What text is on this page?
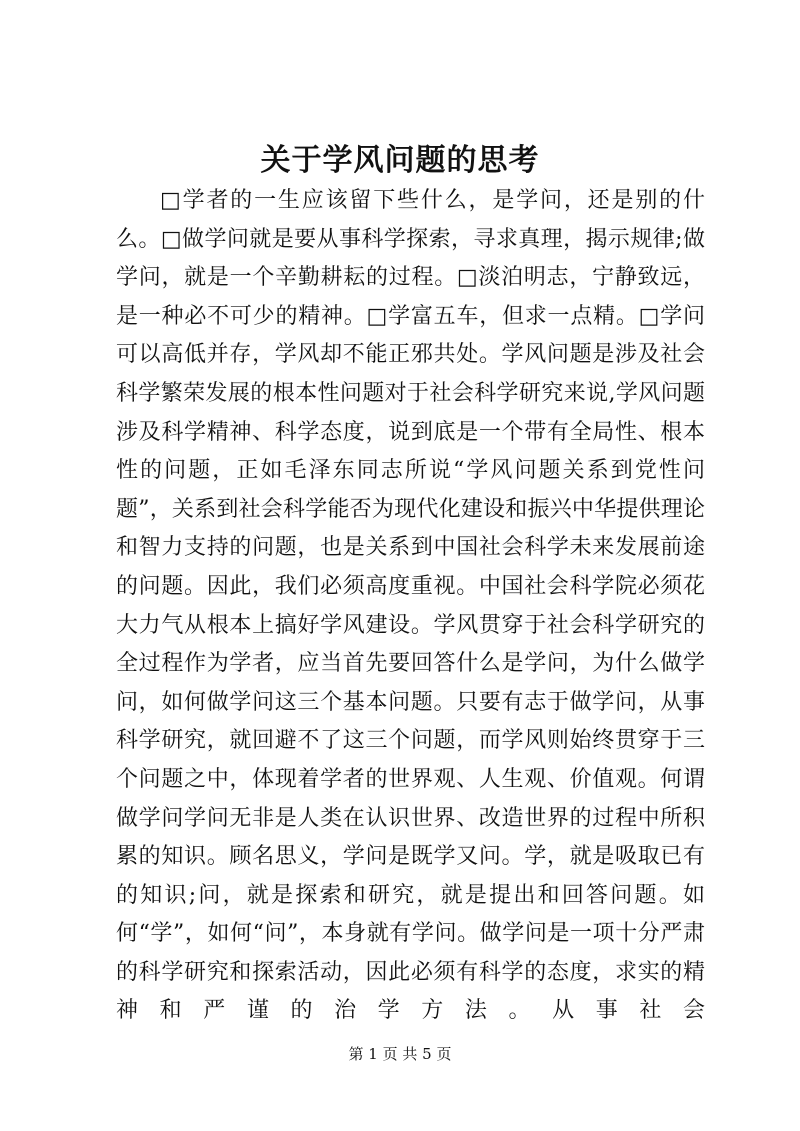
关于学风问题的思考

□学者的一生应该留下些什么，是学问，还是别的什么。□做学问就是要从事科学探索，寻求真理，揭示规律;做学问，就是一个辛勤耕耘的过程。□淡泊明志，宁静致远，是一种必不可少的精神。□学富五车，但求一点精。□学问可以高低并存，学风却不能正邪共处。学风问题是涉及社会科学繁荣发展的根本性问题对于社会科学研究来说,学风问题涉及科学精神、科学态度，说到底是一个带有全局性、根本性的问题，正如毛泽东同志所说“学风问题关系到党性问题”，关系到社会科学能否为现代化建设和振兴中华提供理论和智力支持的问题，也是关系到中国社会科学未来发展前途的问题。因此，我们必须高度重视。中国社会科学院必须花大力气从根本上搞好学风建设。学风贯穿于社会科学研究的全过程作为学者，应当首先要回答什么是学问，为什么做学问，如何做学问这三个基本问题。只要有志于做学问，从事科学研究，就回避不了这三个问题，而学风则始终贯穿于三个问题之中，体现着学者的世界观、人生观、价值观。何谓做学问学问无非是人类在认识世界、改造世界的过程中所积累的知识。顾名思义，学问是既学又问。学，就是吸取已有的知识;问，就是探索和研究，就是提出和回答问题。如何“学”，如何“问”，本身就有学问。做学问是一项十分严肃的科学研究和探索活动，因此必须有科学的态度，求实的精神和严谨的治学方法。从事社会

第 1 页 共 5 页
